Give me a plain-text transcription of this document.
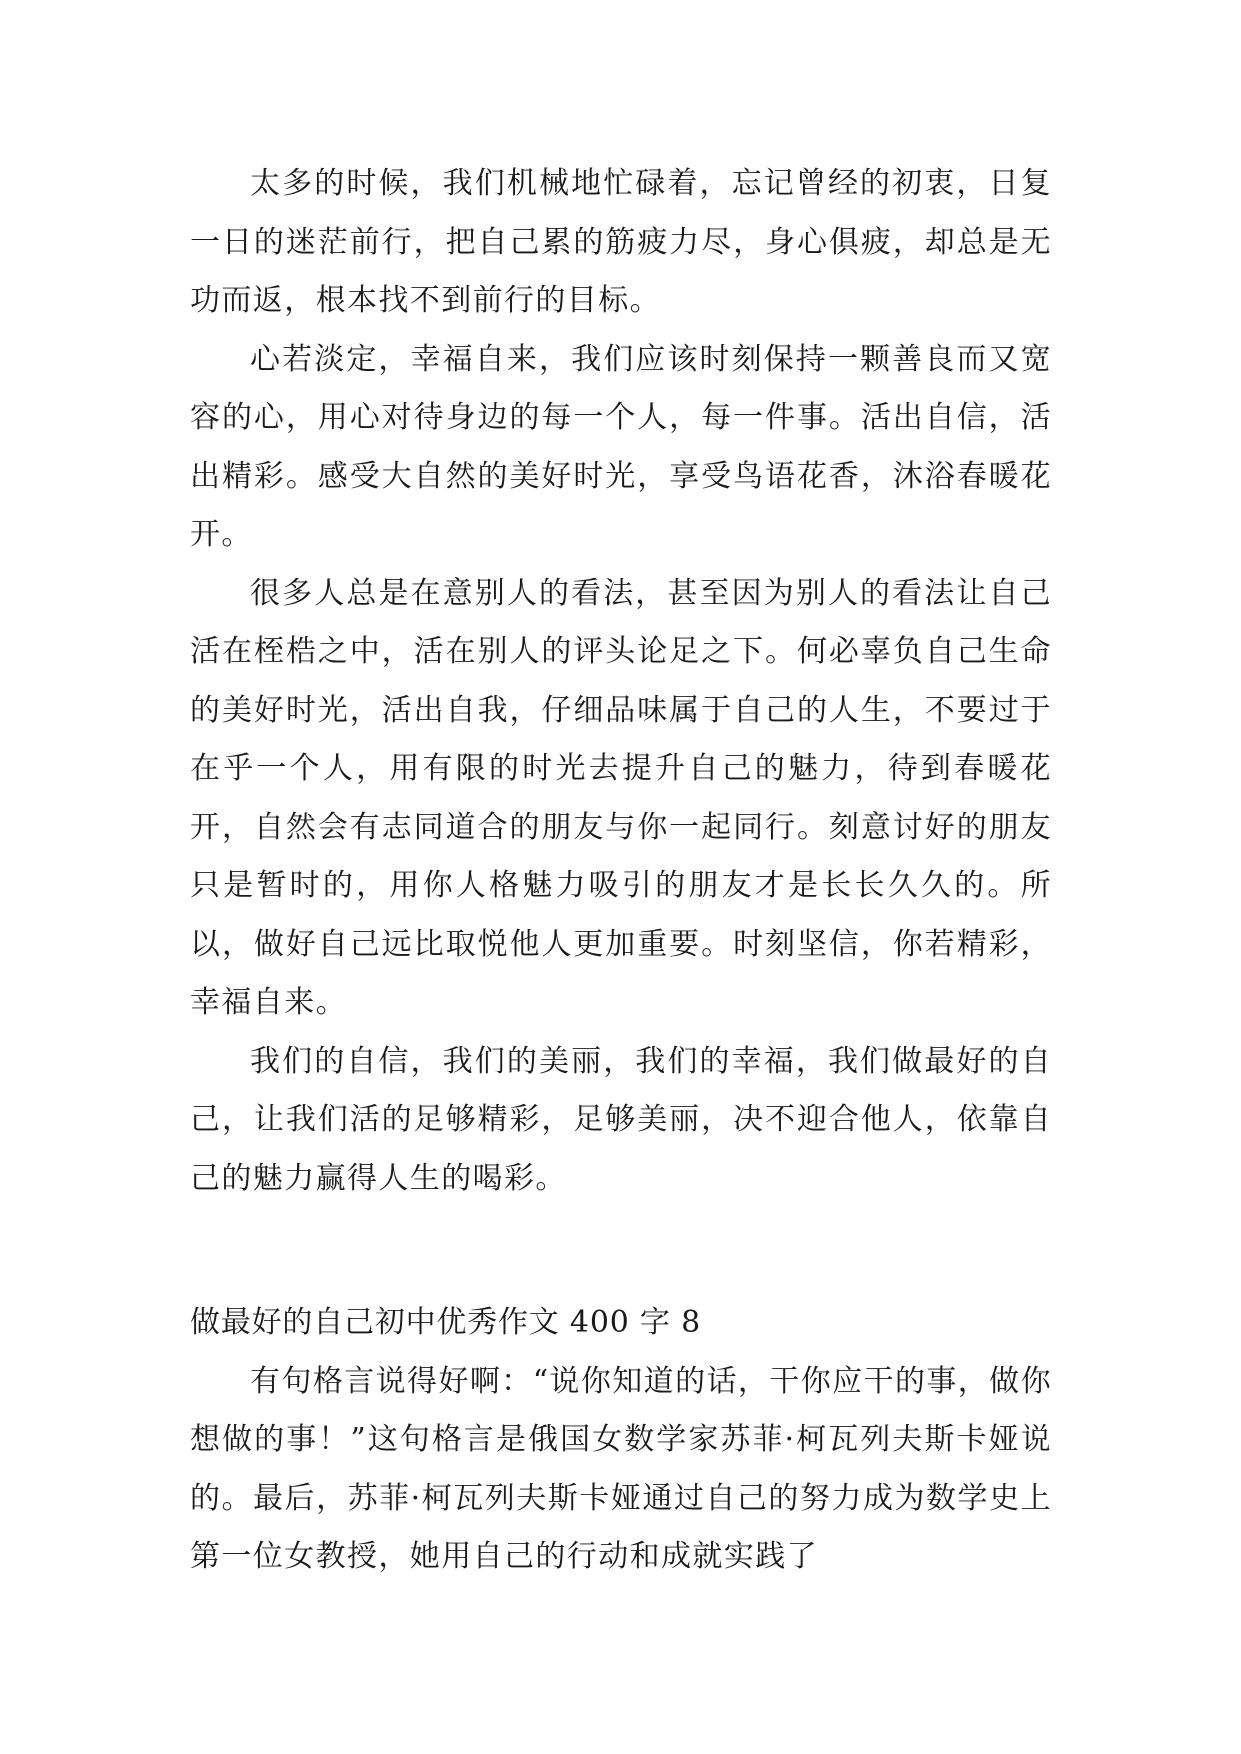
太多的时候，我们机械地忙碌着，忘记曾经的初衷，日复一日的迷茫前行，把自己累的筋疲力尽，身心俱疲，却总是无功而返，根本找不到前行的目标。

心若淡定，幸福自来，我们应该时刻保持一颗善良而又宽容的心，用心对待身边的每一个人，每一件事。活出自信，活出精彩。感受大自然的美好时光，享受鸟语花香，沐浴春暖花开。

很多人总是在意别人的看法，甚至因为别人的看法让自己活在桎梏之中，活在别人的评头论足之下。何必辜负自己生命的美好时光，活出自我，仔细品味属于自己的人生，不要过于在乎一个人，用有限的时光去提升自己的魅力，待到春暖花开，自然会有志同道合的朋友与你一起同行。刻意讨好的朋友只是暂时的，用你人格魅力吸引的朋友才是长长久久的。所以，做好自己远比取悦他人更加重要。时刻坚信，你若精彩，幸福自来。

我们的自信，我们的美丽，我们的幸福，我们做最好的自己，让我们活的足够精彩，足够美丽，决不迎合他人，依靠自己的魅力赢得人生的喝彩。

做最好的自己初中优秀作文 400 字 8

有句格言说得好啊：“说你知道的话，干你应干的事，做你想做的事！”这句格言是俄国女数学家苏菲·柯瓦列夫斯卡娅说的。最后，苏菲·柯瓦列夫斯卡娅通过自己的努力成为数学史上第一位女教授，她用自己的行动和成就实践了
